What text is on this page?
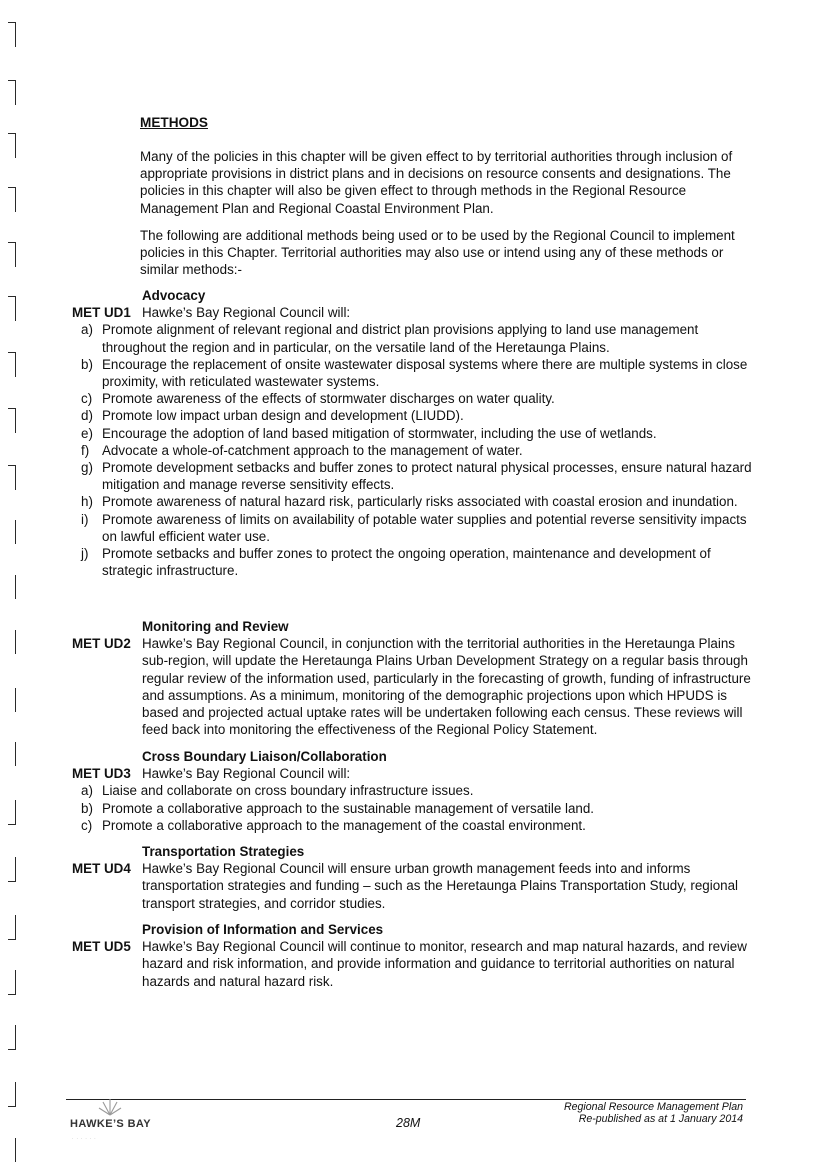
METHODS
Many of the policies in this chapter will be given effect to by territorial authorities through inclusion of appropriate provisions in district plans and in decisions on resource consents and designations. The policies in this chapter will also be given effect to through methods in the Regional Resource Management Plan and Regional Coastal Environment Plan.
The following are additional methods being used or to be used by the Regional Council to implement policies in this Chapter. Territorial authorities may also use or intend using any of these methods or similar methods:-
Advocacy
MET UD1 Hawke’s Bay Regional Council will:
a) Promote alignment of relevant regional and district plan provisions applying to land use management throughout the region and in particular, on the versatile land of the Heretaunga Plains.
b) Encourage the replacement of onsite wastewater disposal systems where there are multiple systems in close proximity, with reticulated wastewater systems.
c) Promote awareness of the effects of stormwater discharges on water quality.
d) Promote low impact urban design and development (LIUDD).
e) Encourage the adoption of land based mitigation of stormwater, including the use of wetlands.
f) Advocate a whole-of-catchment approach to the management of water.
g) Promote development setbacks and buffer zones to protect natural physical processes, ensure natural hazard mitigation and manage reverse sensitivity effects.
h) Promote awareness of natural hazard risk, particularly risks associated with coastal erosion and inundation.
i)	Promote awareness of limits on availability of potable water supplies and potential reverse sensitivity impacts on lawful efficient water use.
j)	Promote setbacks and buffer zones to protect the ongoing operation, maintenance and development of strategic infrastructure.
Monitoring and Review
MET UD2 Hawke’s Bay Regional Council, in conjunction with the territorial authorities in the Heretaunga Plains sub-region, will update the Heretaunga Plains Urban Development Strategy on a regular basis through regular review of the information used, particularly in the forecasting of growth, funding of infrastructure and assumptions. As a minimum, monitoring of the demographic projections upon which HPUDS is based and projected actual uptake rates will be undertaken following each census. These reviews will feed back into monitoring the effectiveness of the Regional Policy Statement.
Cross Boundary Liaison/Collaboration
MET UD3 Hawke’s Bay Regional Council will:
a) Liaise and collaborate on cross boundary infrastructure issues.
b) Promote a collaborative approach to the sustainable management of versatile land.
c) Promote a collaborative approach to the management of the coastal environment.
Transportation Strategies
MET UD4 Hawke’s Bay Regional Council will ensure urban growth management feeds into and informs transportation strategies and funding – such as the Heretaunga Plains Transportation Study, regional transport strategies, and corridor studies.
Provision of Information and Services
MET UD5 Hawke’s Bay Regional Council will continue to monitor, research and map natural hazards, and review hazard and risk information, and provide information and guidance to territorial authorities on natural hazards and natural hazard risk.
HAWKE’S BAY
· · · · · ·
28M
Regional Resource Management Plan
Re-published as at 1 January 2014
